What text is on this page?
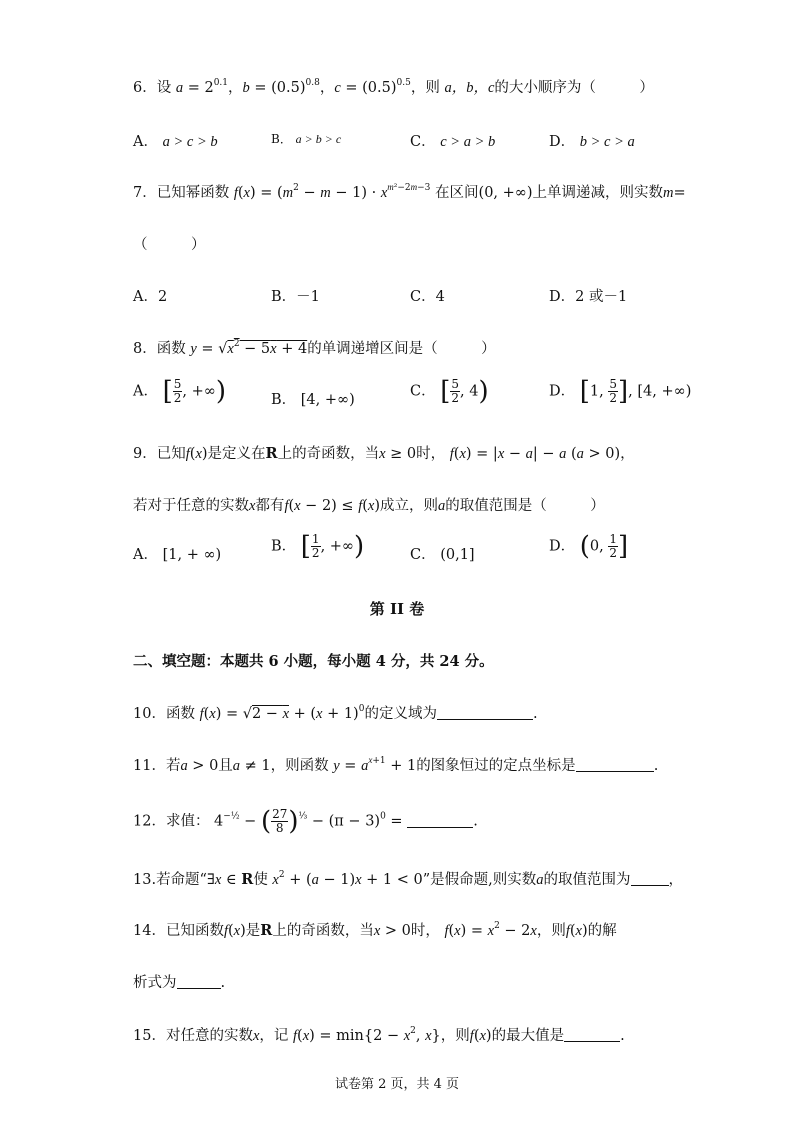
6．设 $a = 2^{0.1}$，$b = (0.5)^{0.8}$，$c = (0.5)^{0.5}$，则 a，b，c的大小顺序为（　　　）
A． a > c > b	B． a > b > c	C． c > a > b	D． b > c > a
7．已知幂函数 $f(x) = (m^2 - m - 1) \cdot x^{m^2-2m-3}$ 在区间(0, +∞)上单调递减，则实数m=
（　　　）
A．2	B．－1	C．4	D．2 或－1
8．函数 $y = √x^2 - 5x + 4$的单调递增区间是（　　　）
A． [ $\frac{5}{2}$ , +∞)	B． [4, +∞)
C． [ $\frac{5}{2}$ , 4)	D． [1, $\frac{5}{2}$ ], [4, +∞)
9．已知f(x)是定义在R上的奇函数，当x ≥ 0时， f(x) = |x − a| − a (a > 0)，
若对于任意的实数x都有f(x − 2) ≤ f(x)成立，则a的取值范围是（　　　）
A． [1, + ∞)
B． [ $\frac{1}{2}$ , +∞)	C． (0,1]
D． (0, $\frac{1}{2}$ ]
第 II 卷
二、填空题：本题共 6 小题，每小题 4 分，共 24 分。
10．函数 $f(x) = √2 - x + (x + 1)^0$的定义域为	.
11．若a > 0且a ≠ 1，则函数 $y = a^{x+1} + 1$的图象恒过的定点坐标是	.
12．求值： $4^{-\frac{1}{2}}$ − ( $\frac{27}{8} )^{\frac{1}{3}} - (\pi - 3)^0$ =	.
13.若命题“∃x ∈ R使 $x^2 + (a - 1)x + 1 < 0$”是假命题,则实数a的取值范围为	，
14．已知函数f(x)是R上的奇函数，当x > 0时， $f(x) = x^2 - 2x$，则f(x)的解
析式为	.
15．对任意的实数x，记 $f(x) = \min\{2 - x^2$, x}，则f(x)的最大值是	.
试卷第 2 页，共 4 页
